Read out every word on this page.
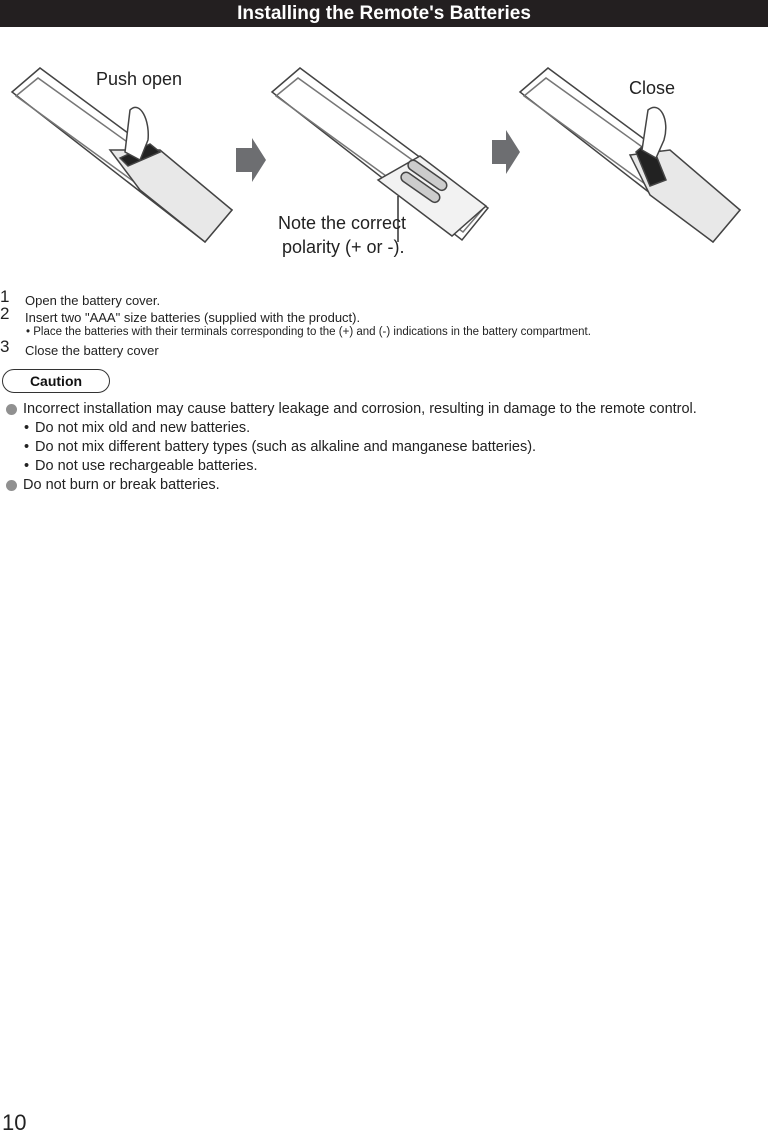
Installing the Remote's Batteries
Push open	Close
Note the correct
polarity (+ or -).
1 Open the battery cover.
2 Insert two "AAA" size batteries (supplied with the product).
• Place the batteries with their terminals corresponding to the (+) and (-) indications in the battery compartment.
3 Close the battery cover
Caution
Incorrect installation may cause battery leakage and corrosion, resulting in damage to the remote control.
• Do not mix old and new batteries.
• Do not mix different battery types (such as alkaline and manganese batteries).
• Do not use rechargeable batteries.
Do not burn or break batteries.
10
